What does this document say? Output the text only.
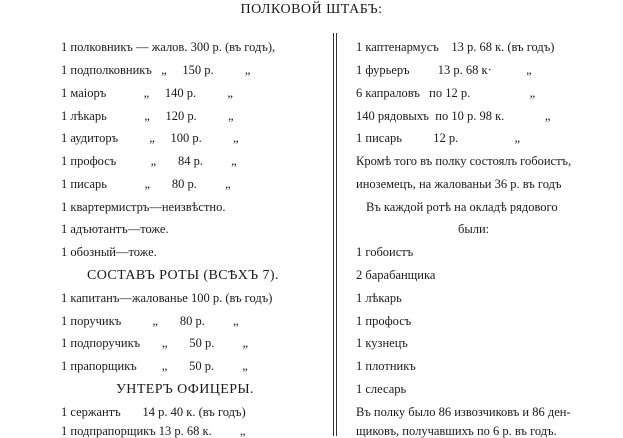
ПОЛКОВОЙ ШТАБЪ:
1 полковникъ — жалов. 300 р. (въ годъ),
1 подполковникъ   „     150 р.          „
1 маіоръ            „     140 р.          „
1 лѣкарь            „     120 р.          „
1 аудиторъ          „     100 р.          „
1 профосъ           „       84 р.         „
1 писарь            „       80 р.         „
1 квартермистръ—неизвѣстно.
1 адъютантъ—тоже.
1 обозный—тоже.
СОСТАВЪ РОТЫ (ВСѢХЪ 7).
1 капитанъ—жалованье 100 р. (въ годъ)
1 поручикъ          „       80 р.         „
1 подпоручикъ       „       50 р.         „
1 прапорщикъ        „       50 р.         „
УНТЕРЪ ОФИЦЕРЫ.
1 сержантъ       14 р. 40 к. (въ годъ)
1 подпрапорщикъ 13 р. 68 к.         „
1 каптенармусъ    13 р. 68 к. (въ годъ)
1 фурьеръ         13 р. 68 к·           „
6 капраловъ   по 12 р.                   „
140 рядовыхъ  по 10 р. 98 к.             „
1 писарь          12 р.                  „
Кромѣ того въ полку состоялъ гобоистъ,
иноземецъ, на жалованьи 36 р. въ годъ
Въ каждой ротѣ на окладѣ рядового
были:
1 гобоистъ
2 барабанщика
1 лѣкарь
1 профосъ
1 кузнецъ
1 плотникъ
1 слесарь
Въ полку было 86 извозчиковъ и 86 ден-
щиковъ, получавшихъ по 6 р. въ годъ.
